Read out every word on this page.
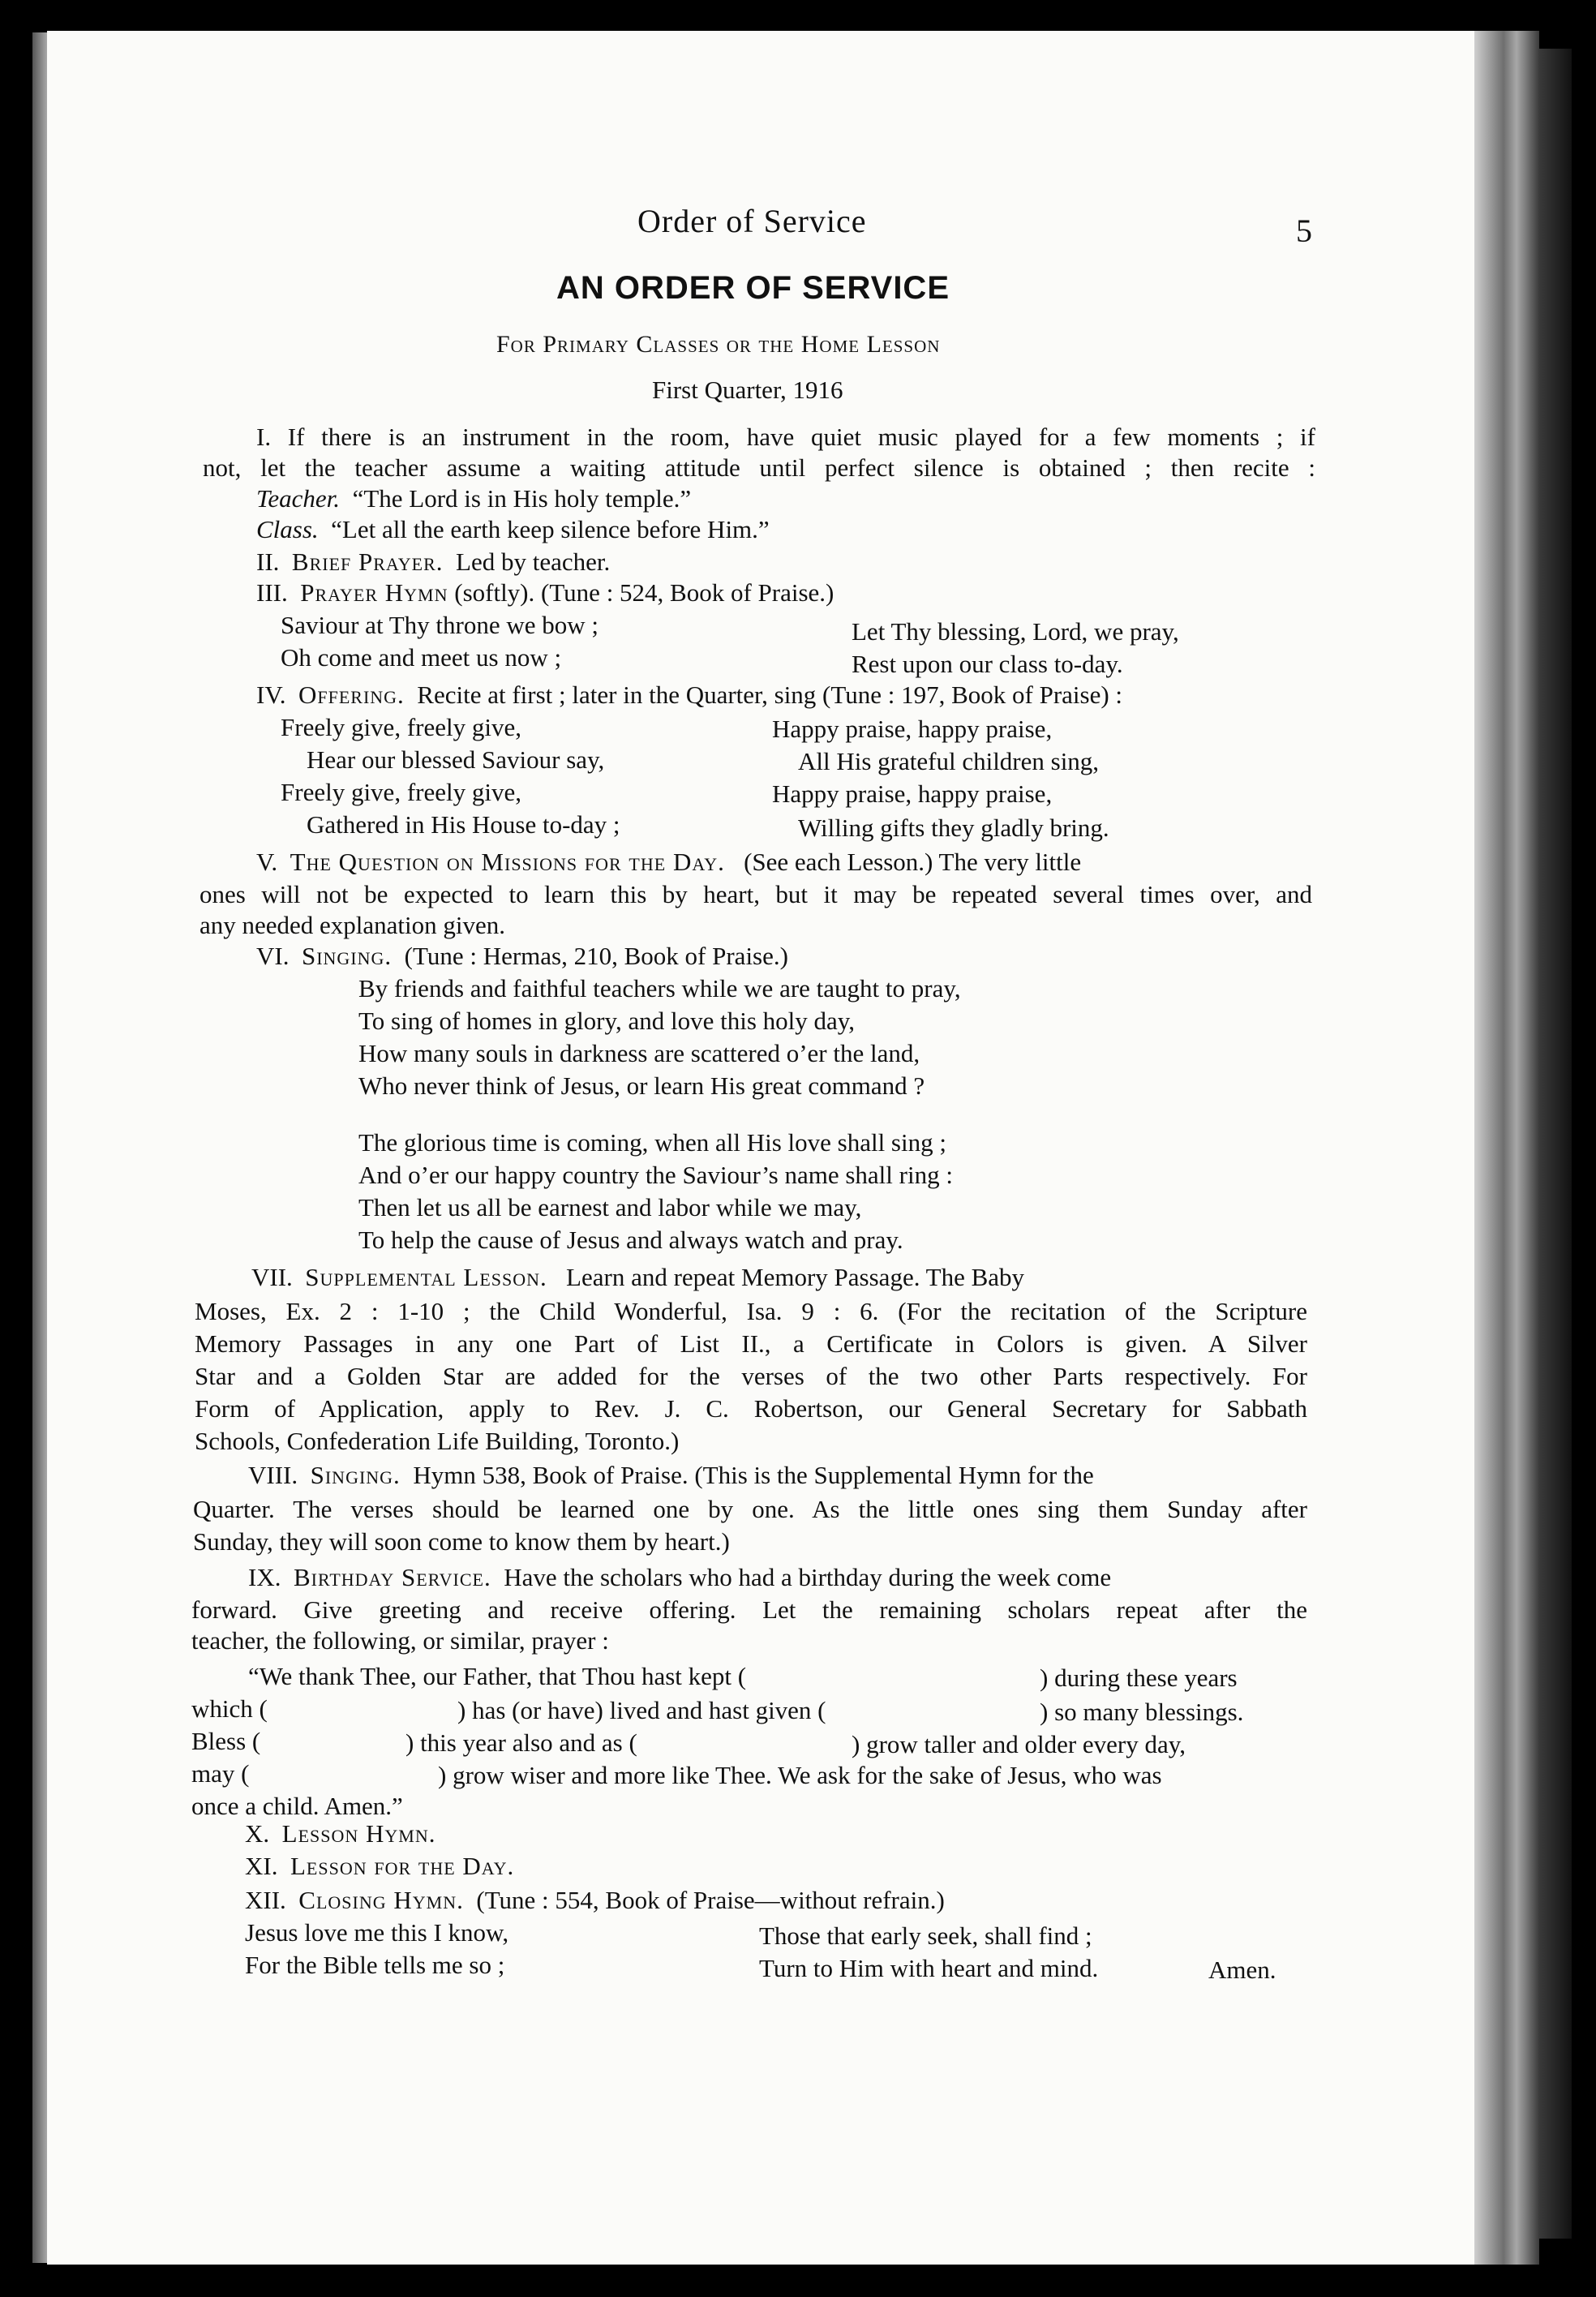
Order of Service	5
AN ORDER OF SERVICE
For Primary Classes or the Home Lesson
First Quarter, 1916
I. If there is an instrument in the room, have quiet music played for a few moments ; if
not, let the teacher assume a waiting attitude until perfect silence is obtained ; then recite :
Teacher. “The Lord is in His holy temple.”
Class. “Let all the earth keep silence before Him.”
II. Brief Prayer. Led by teacher.
III. Prayer Hymn (softly). (Tune : 524, Book of Praise.)
Saviour at Thy throne we bow ;
Oh come and meet us now ;
Let Thy blessing, Lord, we pray,
Rest upon our class to-day.
IV. Offering. Recite at first ; later in the Quarter, sing (Tune : 197, Book of Praise) :
Freely give, freely give,
Hear our blessed Saviour say,
Freely give, freely give,
Gathered in His House to-day ;
Happy praise, happy praise,
All His grateful children sing,
Happy praise, happy praise,
Willing gifts they gladly bring.
V. The Question on Missions for the Day. (See each Lesson.) The very little
ones will not be expected to learn this by heart, but it may be repeated several times over, and
any needed explanation given.
VI. Singing. (Tune : Hermas, 210, Book of Praise.)
By friends and faithful teachers while we are taught to pray,
To sing of homes in glory, and love this holy day,
How many souls in darkness are scattered o’er the land,
Who never think of Jesus, or learn His great command ?
The glorious time is coming, when all His love shall sing ;
And o’er our happy country the Saviour’s name shall ring :
Then let us all be earnest and labor while we may,
To help the cause of Jesus and always watch and pray.
VII. Supplemental Lesson. Learn and repeat Memory Passage. The Baby
Moses, Ex. 2 : 1-10 ; the Child Wonderful, Isa. 9 : 6. (For the recitation of the Scripture
Memory Passages in any one Part of List II., a Certificate in Colors is given. A Silver
Star and a Golden Star are added for the verses of the two other Parts respectively. For
Form of Application, apply to Rev. J. C. Robertson, our General Secretary for Sabbath
Schools, Confederation Life Building, Toronto.)
VIII. Singing. Hymn 538, Book of Praise. (This is the Supplemental Hymn for the
Quarter. The verses should be learned one by one. As the little ones sing them Sunday after
Sunday, they will soon come to know them by heart.)
IX. Birthday Service. Have the scholars who had a birthday during the week come
forward. Give greeting and receive offering. Let the remaining scholars repeat after the
teacher, the following, or similar, prayer :
“We thank Thee, our Father, that Thou hast kept (	) during these years
which (	) has (or have) lived and hast given (	) so many blessings.
Bless (	) this year also and as (	) grow taller and older every day,
may (	) grow wiser and more like Thee. We ask for the sake of Jesus, who was
once a child. Amen.”
X. Lesson Hymn.
XI. Lesson for the Day.
XII. Closing Hymn. (Tune : 554, Book of Praise—without refrain.)
Jesus love me this I know,
For the Bible tells me so ;
Those that early seek, shall find ;
Turn to Him with heart and mind.	Amen.
